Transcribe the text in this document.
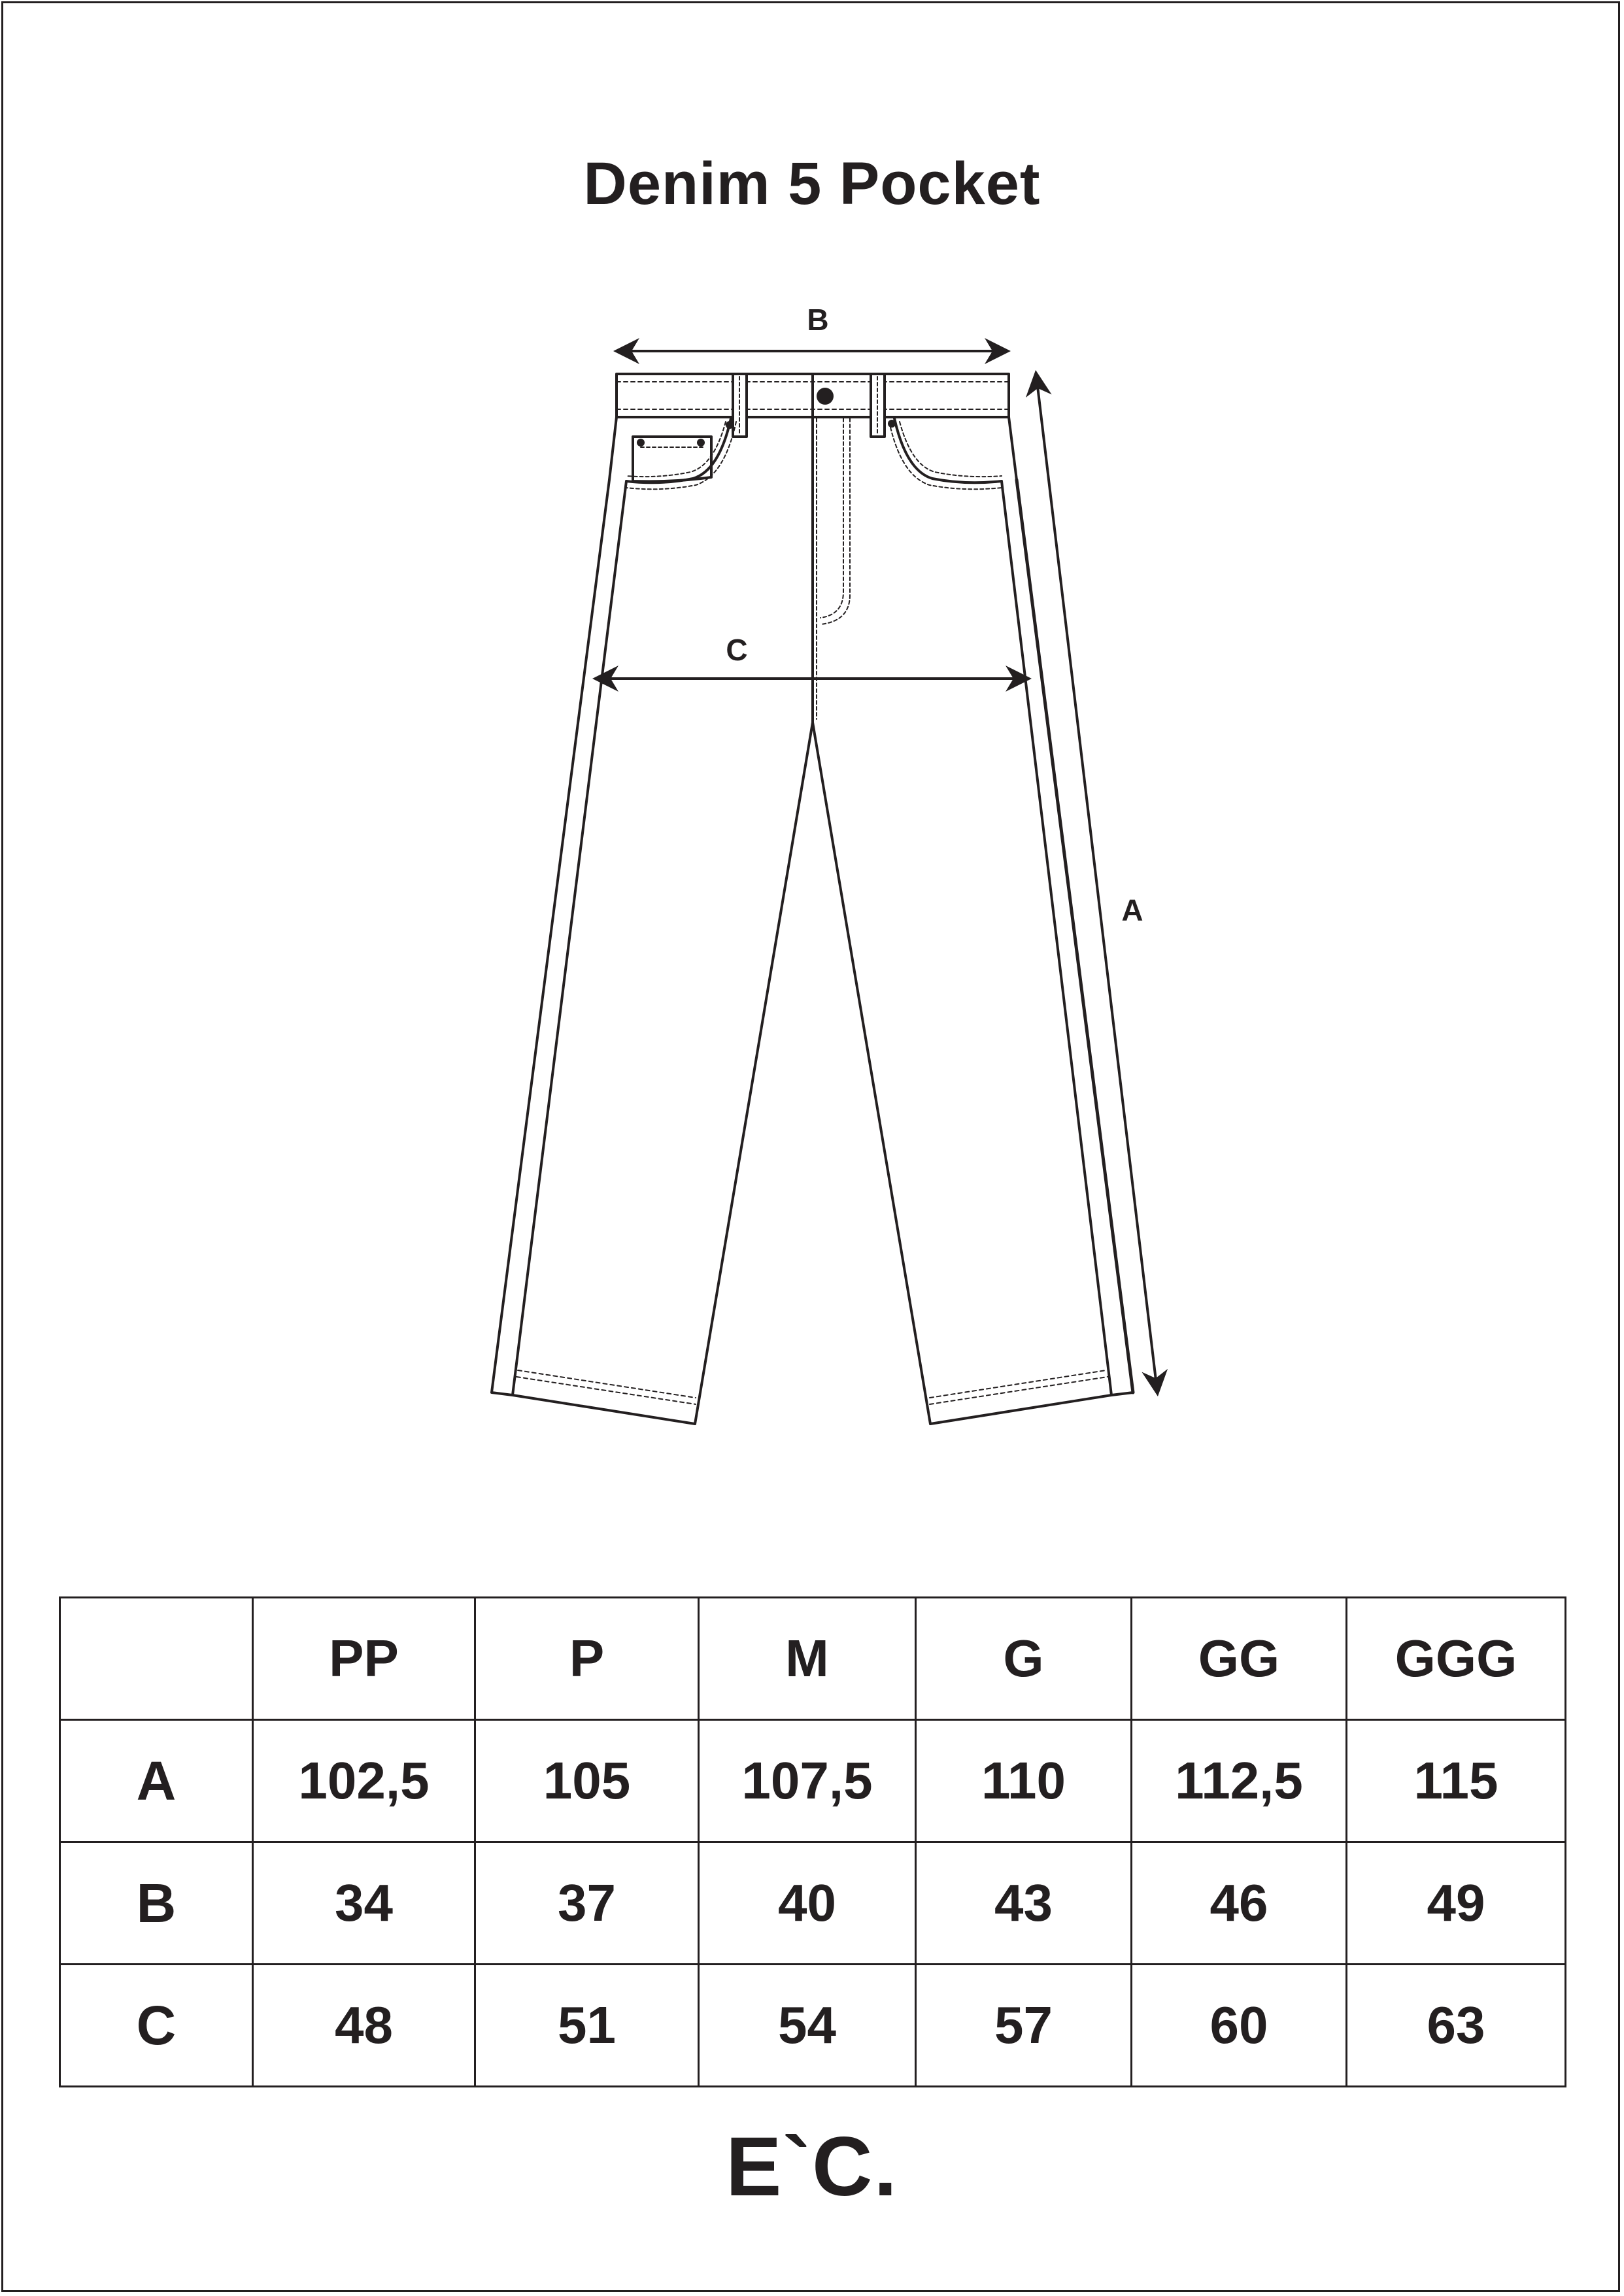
Denim 5 Pocket
B
C
A
	PP	P	M	G	GG	GGG
A	102,5	105	107,5	110	112,5	115
B	34	37	40	43	46	49
C	48	51	54	57	60	63
E`C.
